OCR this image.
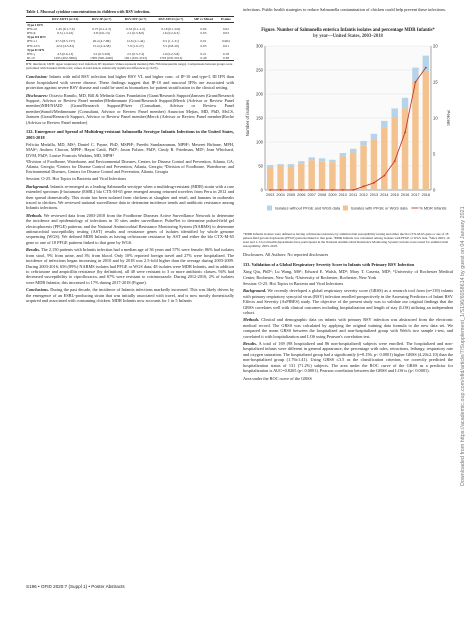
Table 1. Mucosal cytokine concentrations in children with RSV infection.
	RSV-URTI (n=16)	RSV-IP (n=?)	RSV-MT (n=?)	RSV-IPCO (n=?)	SIP vs Mixed	Pvalue
Type I IFN						
IFN-α2	1.45 (0.1-7.6)	0.75 (0.1-2.3)	0.32 (0.1-1.2)	0.18 (0.1-0.6)	0.04	0.02
IFN-β	6.5 (1.3-22)	3.8 (0.6-13)	2.1 (0.3-8.0)	1.6 (0.2-6.3)	0.05	0.03
Type III IFN						
IFN-λ1	47.3 (8.5-157)	26.4 (4.7-86)	12.6 (2.1-44)	9.5 (1.1-31)	0.01	0.004
IFN-λ2/3	22.0 (4.3-81)	15.4 (2.4-58)	7.9 (1.0-27)	5.5 (0.8-20)	0.03	0.01
Type II IFN						
IFN-γ	4.5 (0.6-13)	3.2 (0.5-9.8)	2.5 (0.3-7.4)	1.9 (0.2-5.8)	0.21	0.18
IP-10	1265 (402-3984)	1508 (596-4420)	1621 (610-4722)	1703 (635-5013)	0.46	0.38
IFN: interferon; URTI: upper respiratory tract infection; IP: inpatient. Values represent median (25th-75th interquartile range). Comparisons between groups were performed with Kruskal-Wallis tests; values in bold denote statistically significant differences (p<0.05).

Conclusion: Infants with mild RSV infection had higher RSV VL and higher conc. of IP-10 and type-I, III IFN than those hospitalized with severe disease. These findings suggest that IP-10 and mucosal IFNs are associated with protection against severe RSV disease and could be used as biomarkers for patient stratification in the clinical setting.

Disclosures: Octavio Ramilo, MD, Bill & Melinda Gates Foundation (Grant/Research Support)Janssen (Grant/Research Support, Advisor or Review Panel member)Medimmune (Grant/Research Support)Merck (Advisor or Review Panel member)NIH/NIAID (Grant/Research Support)Pfizer (Consultant, Advisor or Review Panel member)Sanofi/Medimmune (Consultant, Advisor or Review Panel member) Asuncion Mejias, MD, PhD, MsCS, Janssen (Grant/Research Support, Advisor or Review Panel member)Merck (Advisor or Review Panel member)Roche (Advisor or Review Panel member)

132. Emergence and Spread of Multidrug-resistant Salmonella Serotype Infantis Infections in the United States, 2003-2018

Felicita Medalla, MD, MS¹; Daniel C. Payne, PhD, MSPH¹; Preethi Sundararaman, MPH¹; Meseret Birhane, MPH, MAS¹; Andrew Chacon, MPH¹; Hayat Caidi, PhD¹; Jason Folster, PhD¹; Cindy R. Friedman, MD¹; Jean Whichard, DVM, PhD¹; Louise Francois Watkins, MD, MPH¹

¹Division of Foodborne, Waterborne, and Environmental Diseases, Centers for Disease Control and Prevention, Atlanta, GA; Atlanta, Georgia; ²Centers for Disease Control and Prevention, Atlanta, Georgia; ³Division of Foodborne, Waterborne, and Environmental Diseases, Centers for Disease Control and Prevention, Atlanta, Georgia

Session: O-25. Hot Topics in Bacteria and Viral Infections

Background. Infantis re-emerged as a leading Salmonella serotype when a multidrug-resistant (MDR) strain with a rare extended spectrum β-lactamase (ESBL) bla CTX-M-65 gene emerged among returned travelers from Peru in 2012 and then spread domestically. This strain has been isolated from chickens at slaughter and retail, and humans in outbreaks traced to chicken. We reviewed national surveillance data to determine incidence trends and antibiotic resistance among Infantis infections.

Methods. We reviewed data from 2003-2018 from the Foodborne Diseases Active Surveillance Network to determine the incidence and epidemiology of infections in 10 sites under surveillance; PulseNet to determine pulsed-field gel electrophoresis (PFGE) patterns; and the National Antimicrobial Resistance Monitoring System (NARMS) to determine antimicrobial susceptibility testing (AST) results and resistance genes of isolates identified by whole genome sequencing (WGS). We defined MDR Infantis as having ceftriaxone resistance by AST and either the bla CTX-M-65 gene or one of 18 PFGE patterns linked to that gene by WGS.

Results. The 2,150 patients with Infantis infection had a median age of 36 years and 57% were female; 86% had isolates from stool, 9% from urine, and 3% from blood. Only 10% reported foreign travel and 27% were hospitalized. The incidence of infections began increasing in 2010 and by 2018 was 2.5-fold higher than the average during 2003-2009. During 2003-2016, 656 (89%) NARMS isolates had PFGE or WGS data; 48 isolates were MDR Infantis, and in addition to ceftriaxone and ampicillin resistance (by definition), all 48 were resistant to 3 or more antibiotic classes, 94% had decreased susceptibility to ciprofloxacin, and 67% were resistant to cotrimoxazole. During 2012-2016, 2% of isolates were MDR Infantis; this increased to 17% during 2017-2018 (Figure).

Conclusions. During the past decade, the incidence of Infantis infections markedly increased. This was likely driven by the emergence of an ESBL-producing strain that was initially associated with travel, and is now mostly domestically acquired and associated with consuming chicken. MDR Infantis now accounts for 1 in 5 Infantis

infections. Public health strategies to reduce Salmonella contamination of chicken could help prevent these infections.

Figure. Number of Salmonella enterica Infantis isolates and percentage MDR Infantis*
by year—United States, 2003–2018
0
50
100
150
200
250
300
0
5
10
15
20
Number of isolates	Percent
2003 2004 2005 2006 2007 2008 2009 2010 2011 2012 2013 2014 2015 2016 2017 2018
Isolates without PFGE and WGS data	Isolates with PFGE or WGS data	% MDR Infantis
*MDR Infantis isolates were defined as having ceftriaxone resistance by antimicrobial susceptibility testing and either the bla CTX-M-65 gene or one of 18 pulsed-field gel electrophoresis (PFGE) patterns linked to that gene. ¹MDR Infantis was calculated among isolates with PFGE or WGS data. ²Since 2003, 10 state and 1–3 local health departments have participated in the National Antimicrobial Resistance Monitoring System; isolates were tested for antimicrobial susceptibility, 2003–2018.

Disclosures. All Authors: No reported disclosures

133. Validation of a Global Respiratory Severity Score in Infants with Primary RSV Infection

Xing Qiu, PhD¹; Lu Wang, MS¹; Edward E. Walsh, MD²; Mary T. Caserta, MD¹; ¹University of Rochester Medical Center, Rochester, New York; ²University of Rochester, Rochester, New York

Session: O-25. Hot Topics in Bacteria and Viral Infections

Background. We recently developed a global respiratory severity score (GRSS) as a research tool from (n=139) infants with primary respiratory syncytial virus (RSV) infection enrolled prospectively in the Assessing Predictors of Infant RSV Effects and Severity (AsPIRES) study. The objective of the present study was to validate our original findings that the GRSS correlates well with clinical outcomes including hospitalization and length of stay (LOS) utilizing an independent cohort.

Methods. Clinical and demographic data on infants with primary RSV infection was abstracted from the electronic medical record. The GRSS was calculated by applying the original training data formula to the new data set. We compared the mean GRSS between the hospitalized and non-hospitalized group with Welch two sample t-test, and correlated it with hospitalization and LOS using Pearson's correlation test.

Results. A total of 169 (98 hospitalized and 86 non-hospitalized) subjects were enrolled. The hospitalized and non-hospitalized infants were different in general appearance, the percentage with rales, retractions, lethargy, respiratory rate and oxygen saturation. The hospitalized group had a significantly (t=8.156, p< 0.0001) higher GRSS (4.20±2.10) than the non-hospitalized group (1.76±1.41). Using GRSS ≤3.5 as the classification criterion, we correctly predicted the hospitalization status of 131 (71.2%) subjects. The area under the ROC curve of the GRSS as a predictor for hospitalization is AUC=0.8265 (p< 0.0001). Pearson correlation between the GRSS and LOS is (p< 0.0001).

Area under the ROC curve of the GRSS

S196 • OFID 2020:7 (Suppl 1) • Poster Abstracts
Downloaded from https://academic.oup.com/ofid/article/7/Supplement_1/S196/6058614 by guest on 04 January 2021
